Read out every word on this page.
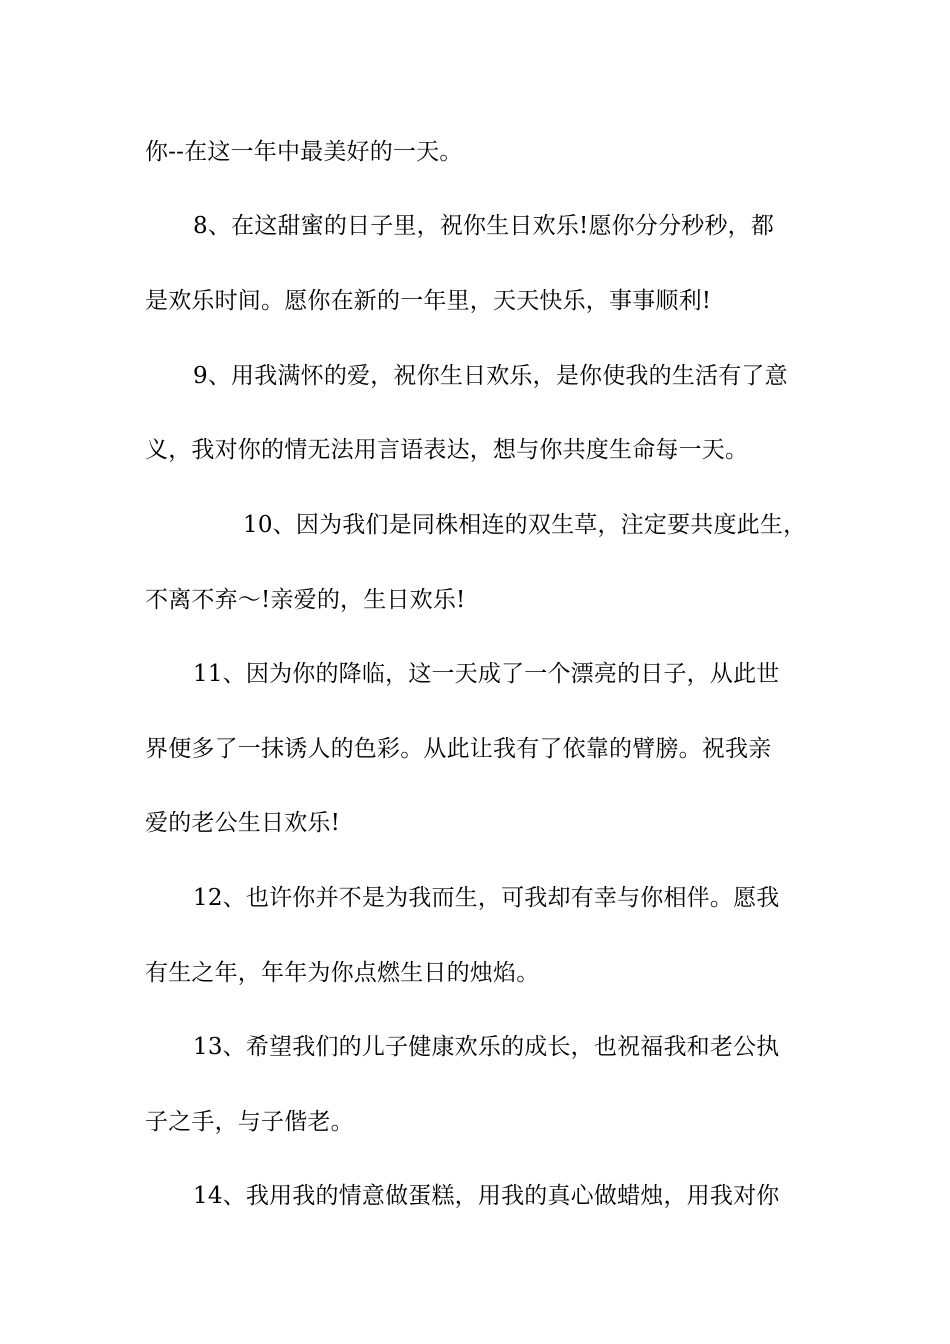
你--在这一年中最美好的一天。
8、在这甜蜜的日子里，祝你生日欢乐!愿你分分秒秒，都
是欢乐时间。愿你在新的一年里，天天快乐，事事顺利!
9、用我满怀的爱，祝你生日欢乐，是你使我的生活有了意
义，我对你的情无法用言语表达，想与你共度生命每一天。
10、因为我们是同株相连的双生草，注定要共度此生，
不离不弃～!亲爱的，生日欢乐!
11、因为你的降临，这一天成了一个漂亮的日子，从此世
界便多了一抹诱人的色彩。从此让我有了依靠的臂膀。祝我亲
爱的老公生日欢乐!
12、也许你并不是为我而生，可我却有幸与你相伴。愿我
有生之年，年年为你点燃生日的烛焰。
13、希望我们的儿子健康欢乐的成长，也祝福我和老公执
子之手，与子偕老。
14、我用我的情意做蛋糕，用我的真心做蜡烛，用我对你
